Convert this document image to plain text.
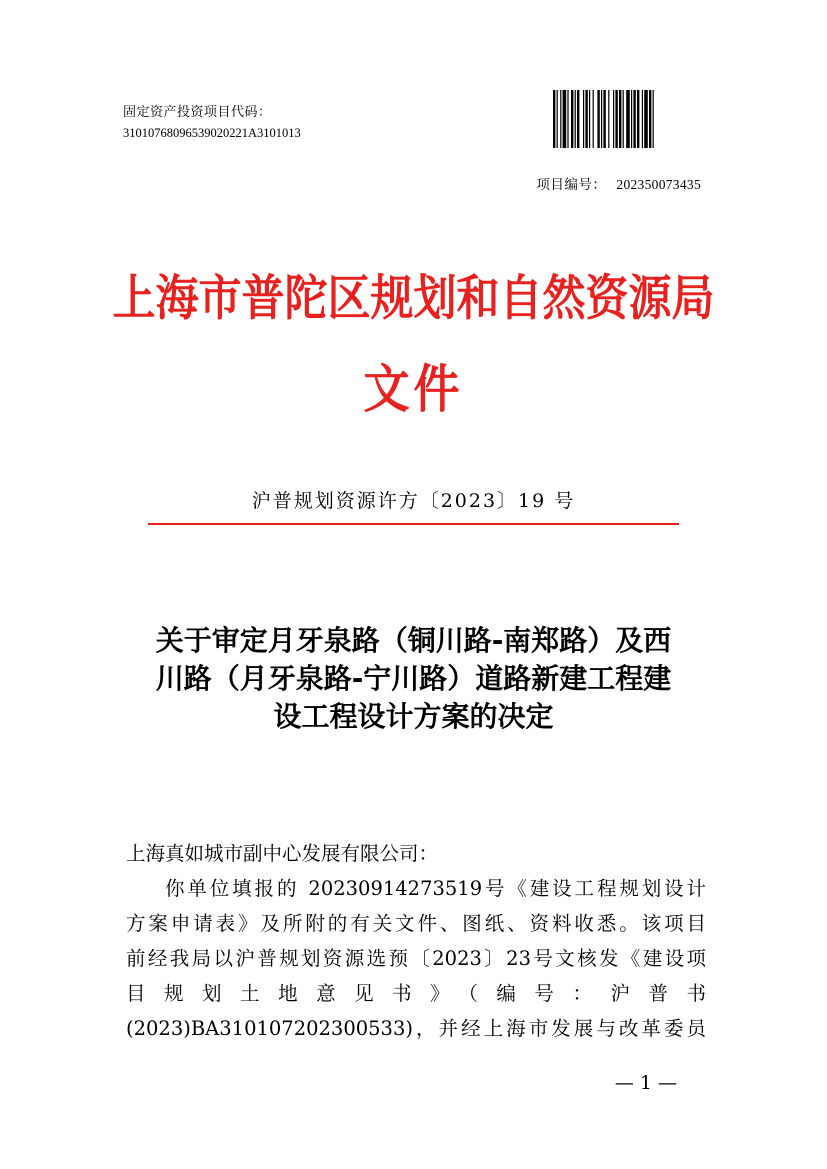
固定资产投资项目代码：
31010768096539020221A3101013
项目编号： 202350073435
上海市普陀区规划和自然资源局
文件
沪普规划资源许方〔2023〕19 号
关于审定月牙泉路（铜川路-南郑路）及西
川路（月牙泉路-宁川路）道路新建工程建
设工程设计方案的决定

上海真如城市副中心发展有限公司：

你单位填报的 20230914273519号《建设工程规划设计

方案申请表》及所附的有关文件、图纸、资料收悉。该项目

前经我局以沪普规划资源选预〔2023〕23号文核发《建设项

目规划土地意见书》（编号：沪普书

(2023)BA310107202300533)，并经上海市发展与改革委员

— 1 —
